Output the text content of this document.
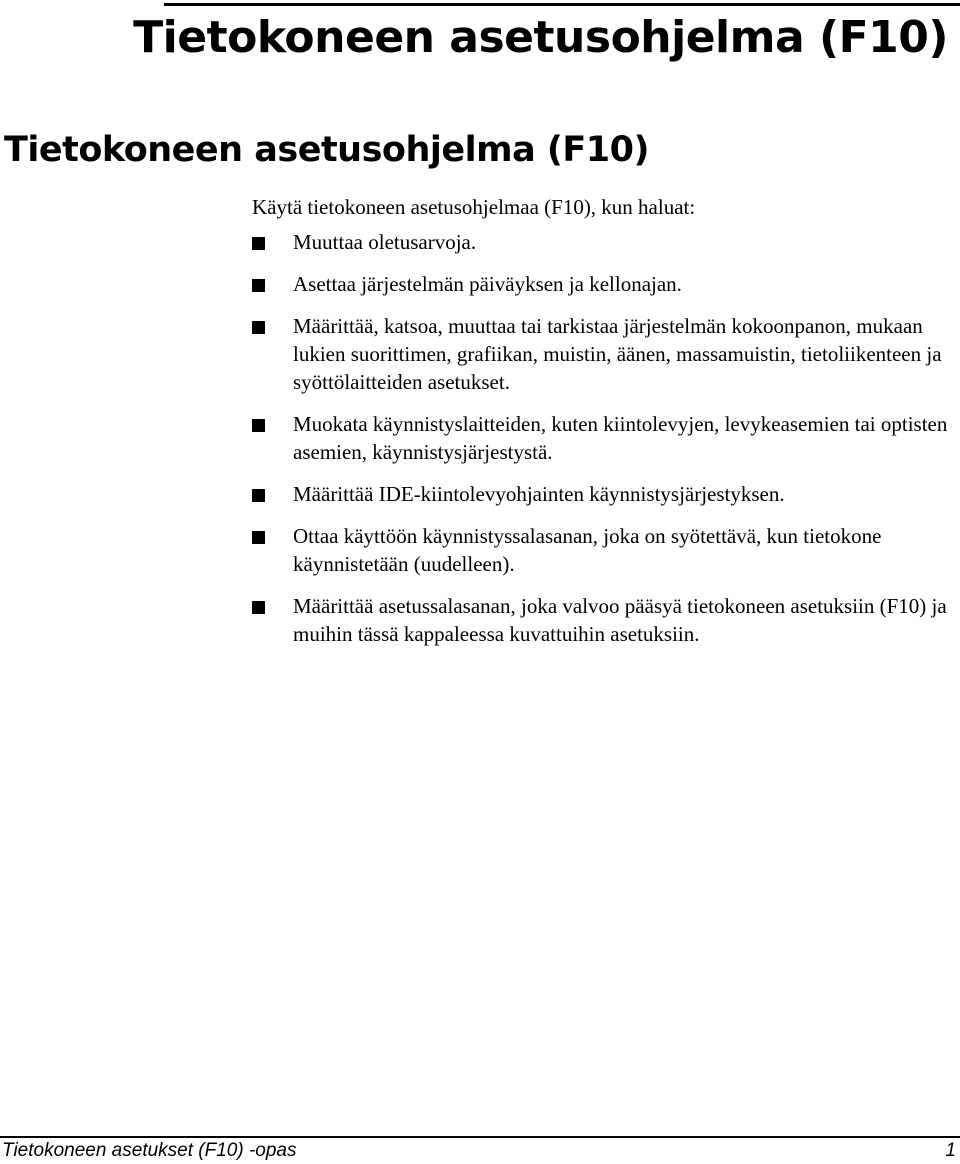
Tietokoneen asetusohjelma (F10)
Tietokoneen asetusohjelma (F10)

Käytä tietokoneen asetusohjelmaa (F10), kun haluat:

Muuttaa oletusarvoja.
Asettaa järjestelmän päiväyksen ja kellonajan.
Määrittää, katsoa, muuttaa tai tarkistaa järjestelmän kokoonpanon, mukaan lukien suorittimen, grafiikan, muistin, äänen, massamuistin, tietoliikenteen ja syöttölaitteiden asetukset.
Muokata käynnistyslaitteiden, kuten kiintolevyjen, levykeasemien tai optisten asemien, käynnistysjärjestystä.
Määrittää IDE-kiintolevyohjainten käynnistysjärjestyksen.
Ottaa käyttöön käynnistyssalasanan, joka on syötettävä, kun tietokone käynnistetään (uudelleen).
Määrittää asetussalasanan, joka valvoo pääsyä tietokoneen asetuksiin (F10) ja muihin tässä kappaleessa kuvattuihin asetuksiin.
Tietokoneen asetukset (F10) -opas	1
